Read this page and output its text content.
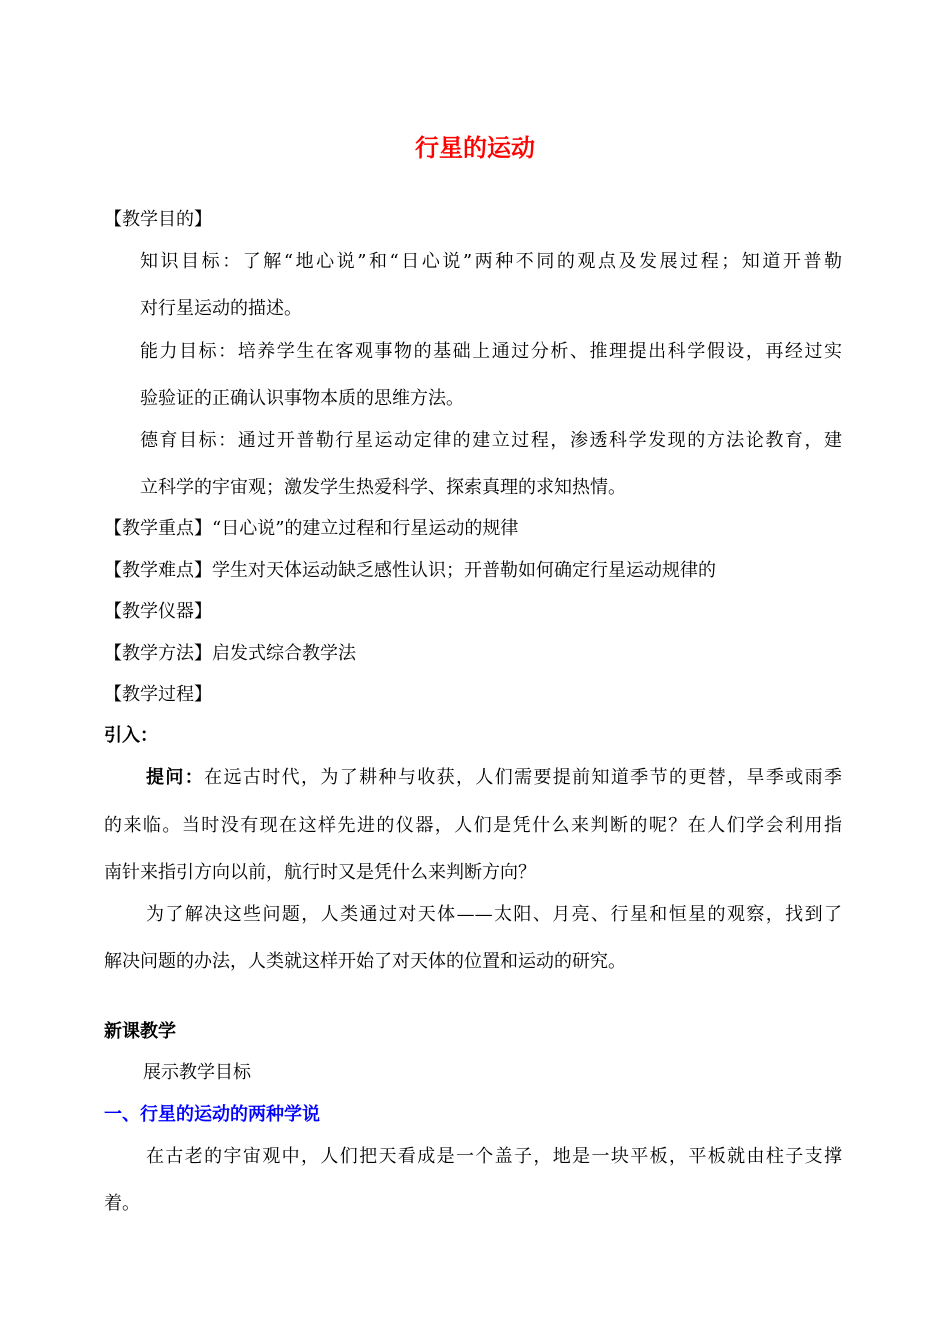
行星的运动
【教学目的】
知识目标：了解“地心说”和“日心说”两种不同的观点及发展过程；知道开普勒
对行星运动的描述。
能力目标：培养学生在客观事物的基础上通过分析、推理提出科学假设，再经过实
验验证的正确认识事物本质的思维方法。
德育目标：通过开普勒行星运动定律的建立过程，渗透科学发现的方法论教育，建
立科学的宇宙观；激发学生热爱科学、探索真理的求知热情。
【教学重点】“日心说”的建立过程和行星运动的规律
【教学难点】学生对天体运动缺乏感性认识；开普勒如何确定行星运动规律的
【教学仪器】
【教学方法】启发式综合教学法
【教学过程】
引入：
提问：在远古时代，为了耕种与收获，人们需要提前知道季节的更替，旱季或雨季
的来临。当时没有现在这样先进的仪器，人们是凭什么来判断的呢？在人们学会利用指
南针来指引方向以前，航行时又是凭什么来判断方向？
为了解决这些问题，人类通过对天体——太阳、月亮、行星和恒星的观察，找到了
解决问题的办法，人类就这样开始了对天体的位置和运动的研究。
新课教学
展示教学目标
一、行星的运动的两种学说
在古老的宇宙观中，人们把天看成是一个盖子，地是一块平板，平板就由柱子支撑
着。
